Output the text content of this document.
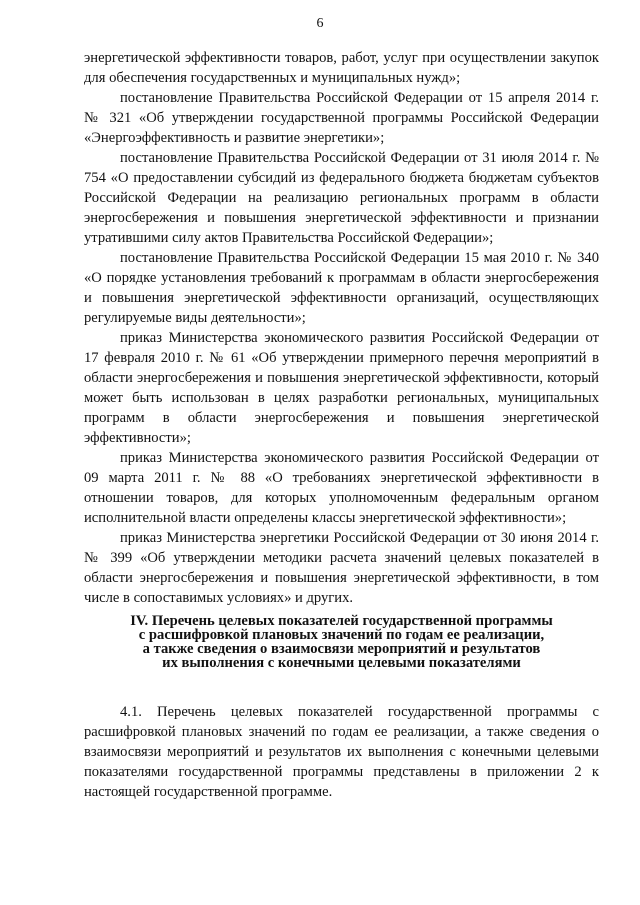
6

энергетической эффективности товаров, работ, услуг при осуществлении закупок для обеспечения государственных и муниципальных нужд»;

постановление Правительства Российской Федерации от 15 апреля 2014 г. № 321 «Об утверждении государственной программы Российской Федерации «Энергоэффективность и развитие энергетики»;

постановление Правительства Российской Федерации от 31 июля 2014 г. № 754 «О предоставлении субсидий из федерального бюджета бюджетам субъектов Российской Федерации на реализацию региональных программ в области энергосбережения и повышения энергетической эффективности и признании утратившими силу актов Правительства Российской Федерации»;

постановление Правительства Российской Федерации 15 мая 2010 г. № 340 «О порядке установления требований к программам в области энергосбережения и повышения энергетической эффективности организаций, осуществляющих регулируемые виды деятельности»;

приказ Министерства экономического развития Российской Федерации от 17 февраля 2010 г. № 61 «Об утверждении примерного перечня мероприятий в области энергосбережения и повышения энергетической эффективности, который может быть использован в целях разработки региональных, муниципальных программ в области энергосбережения и повышения энергетической эффективности»;

приказ Министерства экономического развития Российской Федерации от 09 марта 2011 г. № 88 «О требованиях энергетической эффективности в отношении товаров, для которых уполномоченным федеральным органом исполнительной власти определены классы энергетической эффективности»;

приказ Министерства энергетики Российской Федерации от 30 июня 2014 г. № 399 «Об утверждении методики расчета значений целевых показателей в области энергосбережения и повышения энергетической эффективности, в том числе в сопоставимых условиях» и других.

IV. Перечень целевых показателей государственной программы
с расшифровкой плановых значений по годам ее реализации,
а также сведения о взаимосвязи мероприятий и результатов
их выполнения с конечными целевыми показателями

4.1. Перечень целевых показателей государственной программы с расшифровкой плановых значений по годам ее реализации, а также сведения о взаимосвязи мероприятий и результатов их выполнения с конечными целевыми показателями государственной программы представлены в приложении 2 к настоящей государственной программе.
